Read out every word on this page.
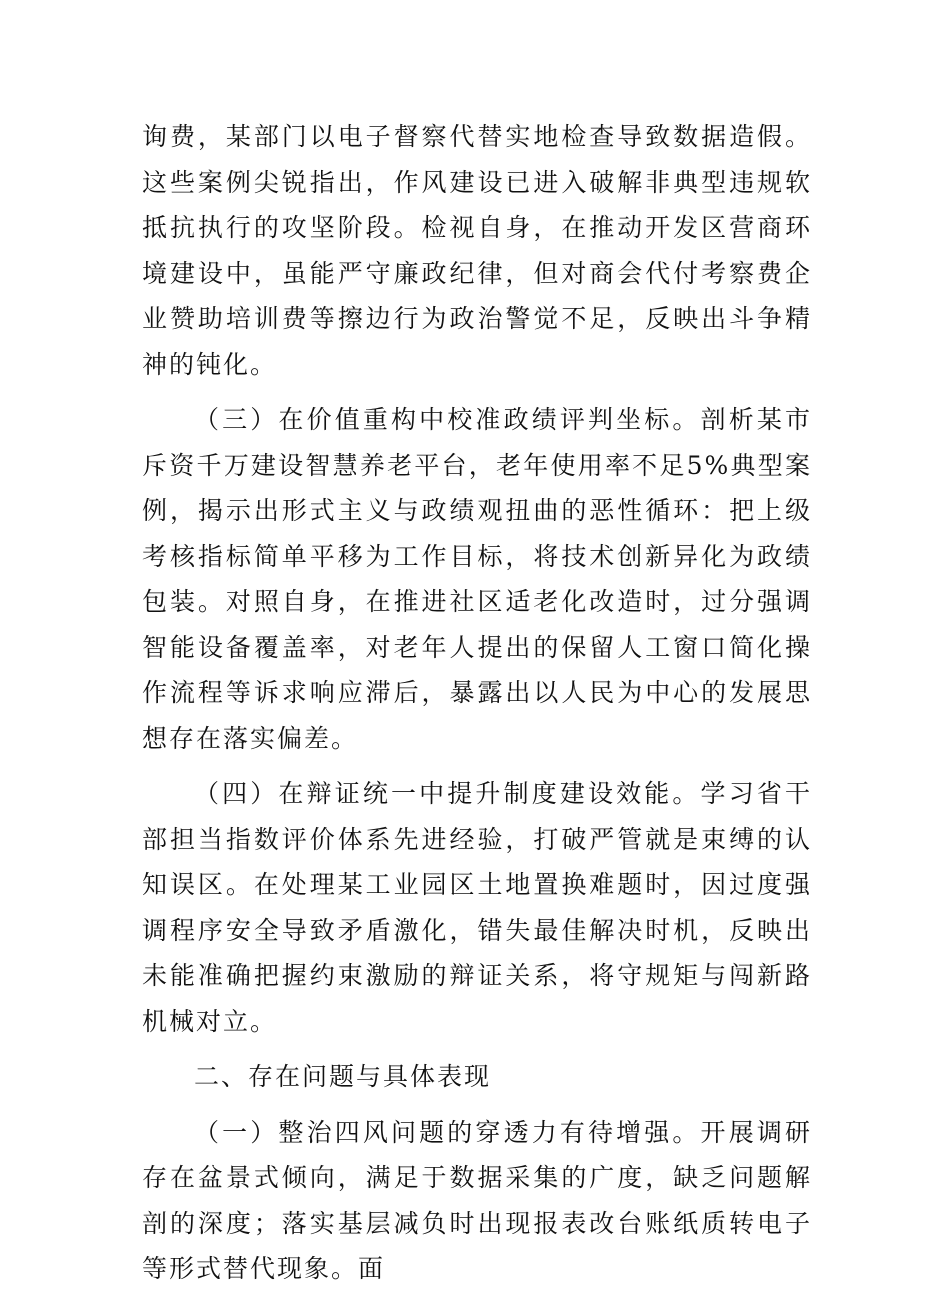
询费，某部门以电子督察代替实地检查导致数据造假。这些案例尖锐指出，作风建设已进入破解非典型违规软抵抗执行的攻坚阶段。检视自身，在推动开发区营商环境建设中，虽能严守廉政纪律，但对商会代付考察费企业赞助培训费等擦边行为政治警觉不足，反映出斗争精神的钝化。

（三）在价值重构中校准政绩评判坐标。剖析某市斥资千万建设智慧养老平台，老年使用率不足5%典型案例，揭示出形式主义与政绩观扭曲的恶性循环：把上级考核指标简单平移为工作目标，将技术创新异化为政绩包装。对照自身，在推进社区适老化改造时，过分强调智能设备覆盖率，对老年人提出的保留人工窗口简化操作流程等诉求响应滞后，暴露出以人民为中心的发展思想存在落实偏差。

（四）在辩证统一中提升制度建设效能。学习省干部担当指数评价体系先进经验，打破严管就是束缚的认知误区。在处理某工业园区土地置换难题时，因过度强调程序安全导致矛盾激化，错失最佳解决时机，反映出未能准确把握约束激励的辩证关系，将守规矩与闯新路机械对立。

二、存在问题与具体表现

（一）整治四风问题的穿透力有待增强。开展调研存在盆景式倾向，满足于数据采集的广度，缺乏问题解剖的深度；落实基层减负时出现报表改台账纸质转电子等形式替代现象。面
